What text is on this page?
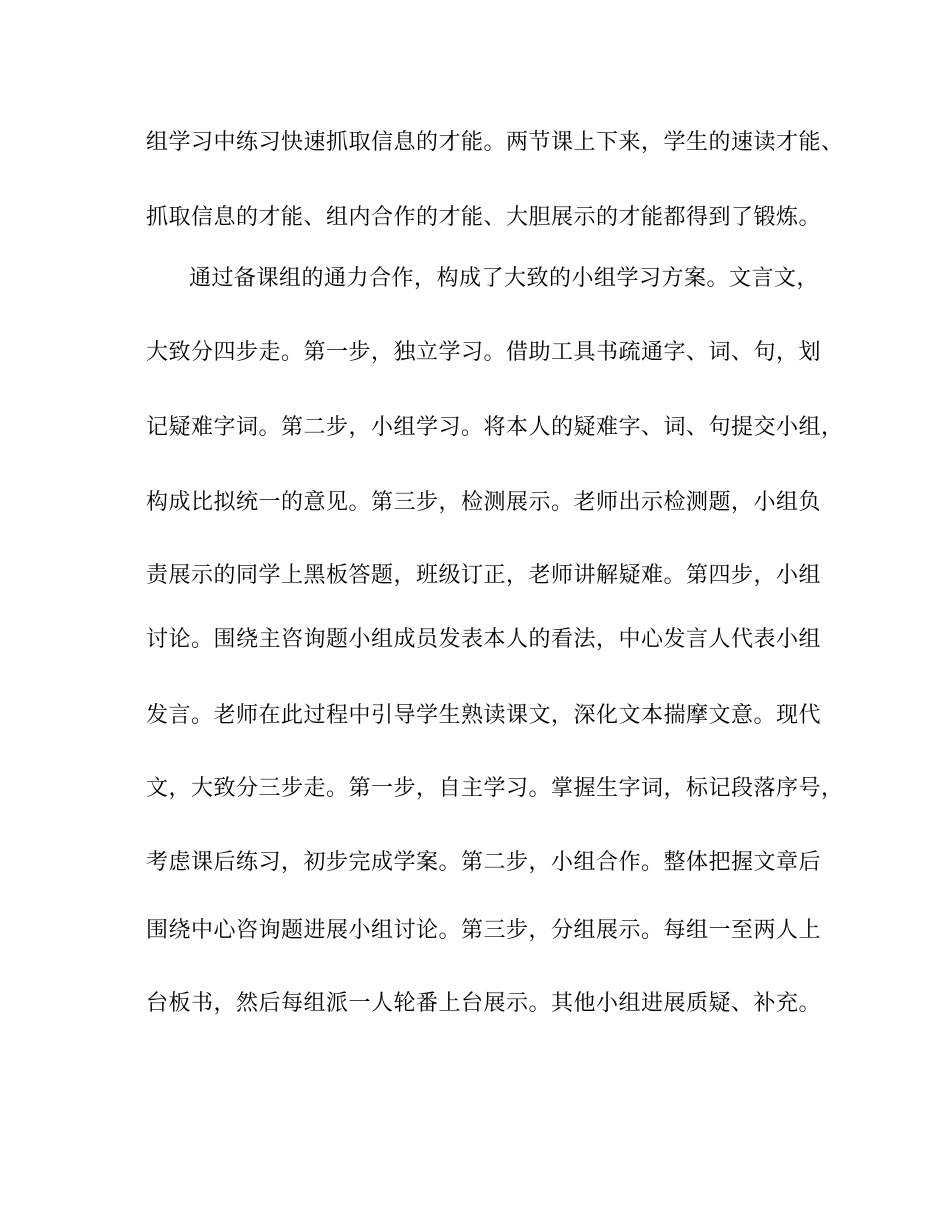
组学习中练习快速抓取信息的才能。两节课上下来，学生的速读才能、
抓取信息的才能、组内合作的才能、大胆展示的才能都得到了锻炼。
通过备课组的通力合作，构成了大致的小组学习方案。文言文，
大致分四步走。第一步，独立学习。借助工具书疏通字、词、句，划
记疑难字词。第二步，小组学习。将本人的疑难字、词、句提交小组，
构成比拟统一的意见。第三步，检测展示。老师出示检测题，小组负
责展示的同学上黑板答题，班级订正，老师讲解疑难。第四步，小组
讨论。围绕主咨询题小组成员发表本人的看法，中心发言人代表小组
发言。老师在此过程中引导学生熟读课文，深化文本揣摩文意。现代
文，大致分三步走。第一步，自主学习。掌握生字词，标记段落序号，
考虑课后练习，初步完成学案。第二步，小组合作。整体把握文章后
围绕中心咨询题进展小组讨论。第三步，分组展示。每组一至两人上
台板书，然后每组派一人轮番上台展示。其他小组进展质疑、补充。
